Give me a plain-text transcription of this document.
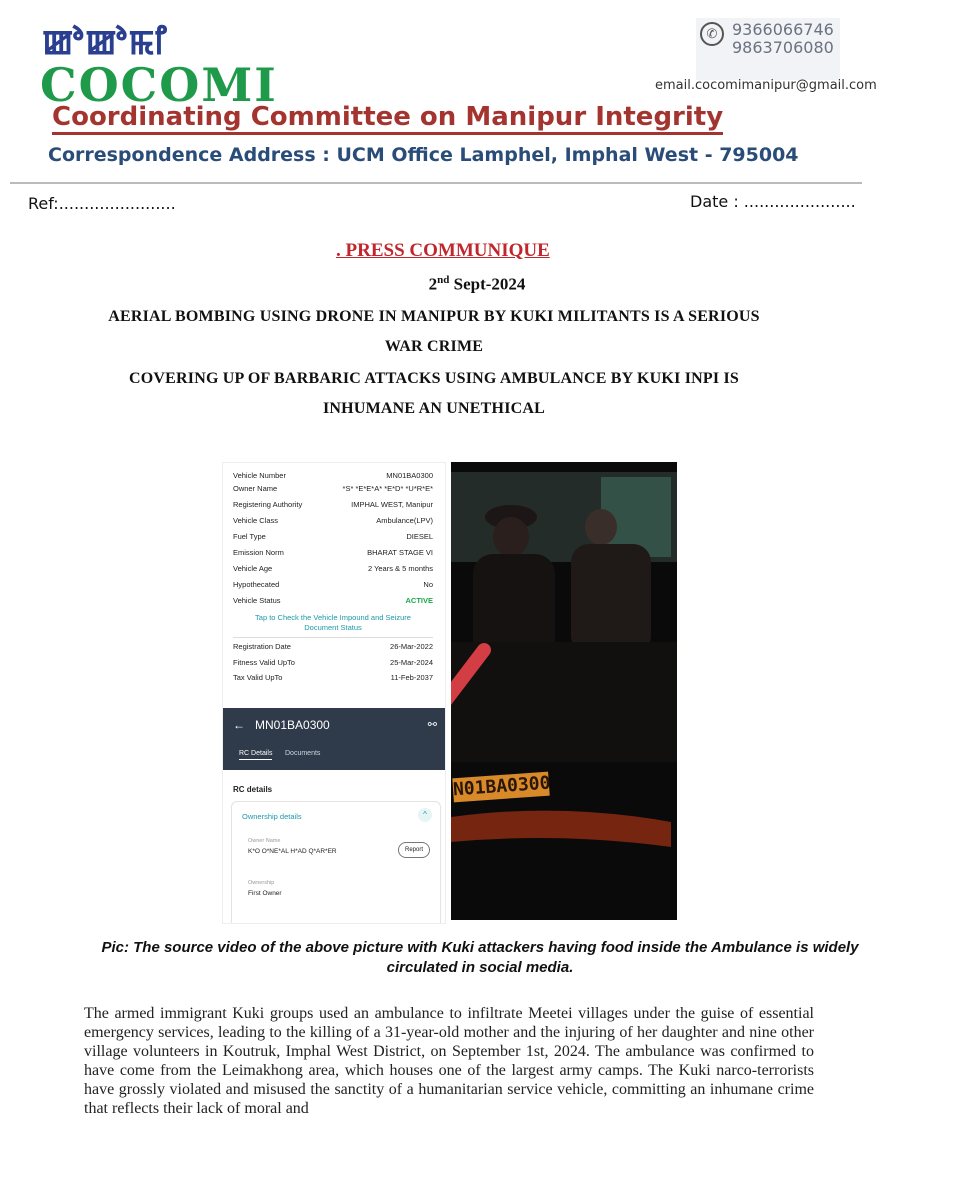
ꯀꯣꯀꯣꯃꯤ
COCOMI
Coordinating Committee on Manipur Integrity
Correspondence Address : UCM Office Lamphel, Imphal West - 795004
✆ 9366066746
9863706080
email.cocomimanipur@gmail.com
Ref:.......................	Date : ......................
. PRESS COMMUNIQUE
2nd Sept-2024
AERIAL BOMBING USING DRONE IN MANIPUR BY KUKI MILITANTS IS A SERIOUS
WAR CRIME
COVERING UP OF BARBARIC ATTACKS USING AMBULANCE BY KUKI INPI IS
INHUMANE AN UNETHICAL
Vehicle Number	MN01BA0300
Owner Name	*S* *E*E*A* *E*D* *U*R*E*
Registering Authority	IMPHAL WEST, Manipur
Vehicle Class	Ambulance(LPV)
Fuel Type	DIESEL
Emission Norm	BHARAT STAGE VI
Vehicle Age	2 Years & 5 months
Hypothecated	No
Vehicle Status	ACTIVE
Tap to Check the Vehicle Impound and Seizure Document Status
Registration Date	26-Mar-2022
Fitness Valid UpTo	25-Mar-2024
Tax Valid UpTo	11-Feb-2037
← MN01BA0300	⚯
RC Details Documents
RC details
Ownership details	^
Owner Name
K*O O*NE*AL H*AD Q*AR*ER	Report
Ownership
First Owner
N01BA0300
Pic: The source video of the above picture with Kuki attackers having food inside the Ambulance is widely circulated in social media.
The armed immigrant Kuki groups used an ambulance to infiltrate Meetei villages under the guise of essential emergency services, leading to the killing of a 31-year-old mother and the injuring of her daughter and nine other village volunteers in Koutruk, Imphal West District, on September 1st, 2024. The ambulance was confirmed to have come from the Leimakhong area, which houses one of the largest army camps. The Kuki narco-terrorists have grossly violated and misused the sanctity of a humanitarian service vehicle, committing an inhumane crime that reflects their lack of moral and
